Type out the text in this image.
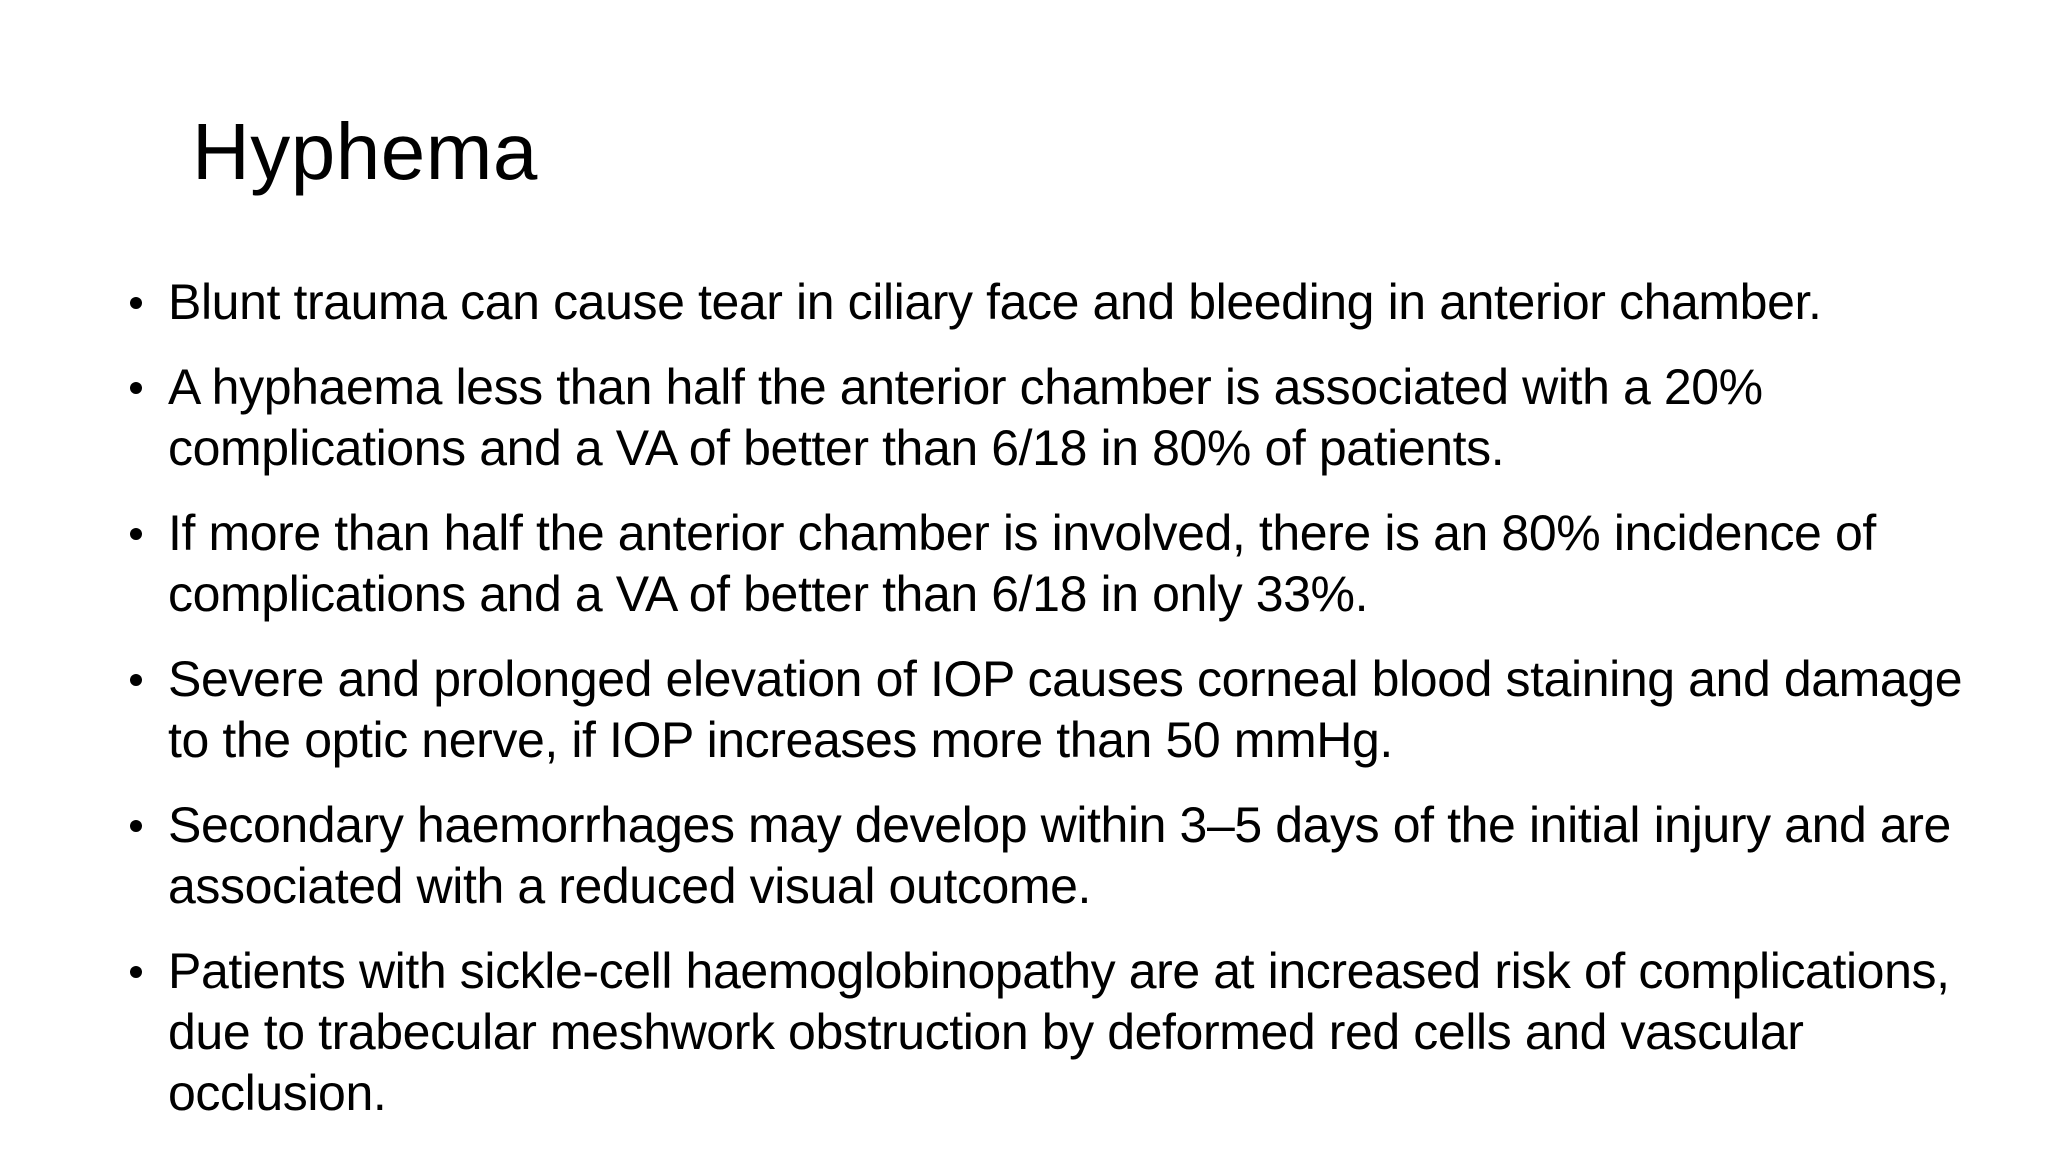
Hyphema
Blunt trauma can cause tear in ciliary face and bleeding in anterior chamber.
A hyphaema less than half the anterior chamber is associated with a 20% complications and a VA of better than 6/18 in 80% of patients.
If more than half the anterior chamber is involved, there is an 80% incidence of complications and a VA of better than 6/18 in only 33%.
Severe and prolonged elevation of IOP causes corneal blood staining and damage to the optic nerve, if IOP increases more than 50 mmHg.
Secondary haemorrhages may develop within 3–5 days of the initial injury and are associated with a reduced visual outcome.
Patients with sickle-cell haemoglobinopathy are at increased risk of complications, due to trabecular meshwork obstruction by deformed red cells and vascular occlusion.
